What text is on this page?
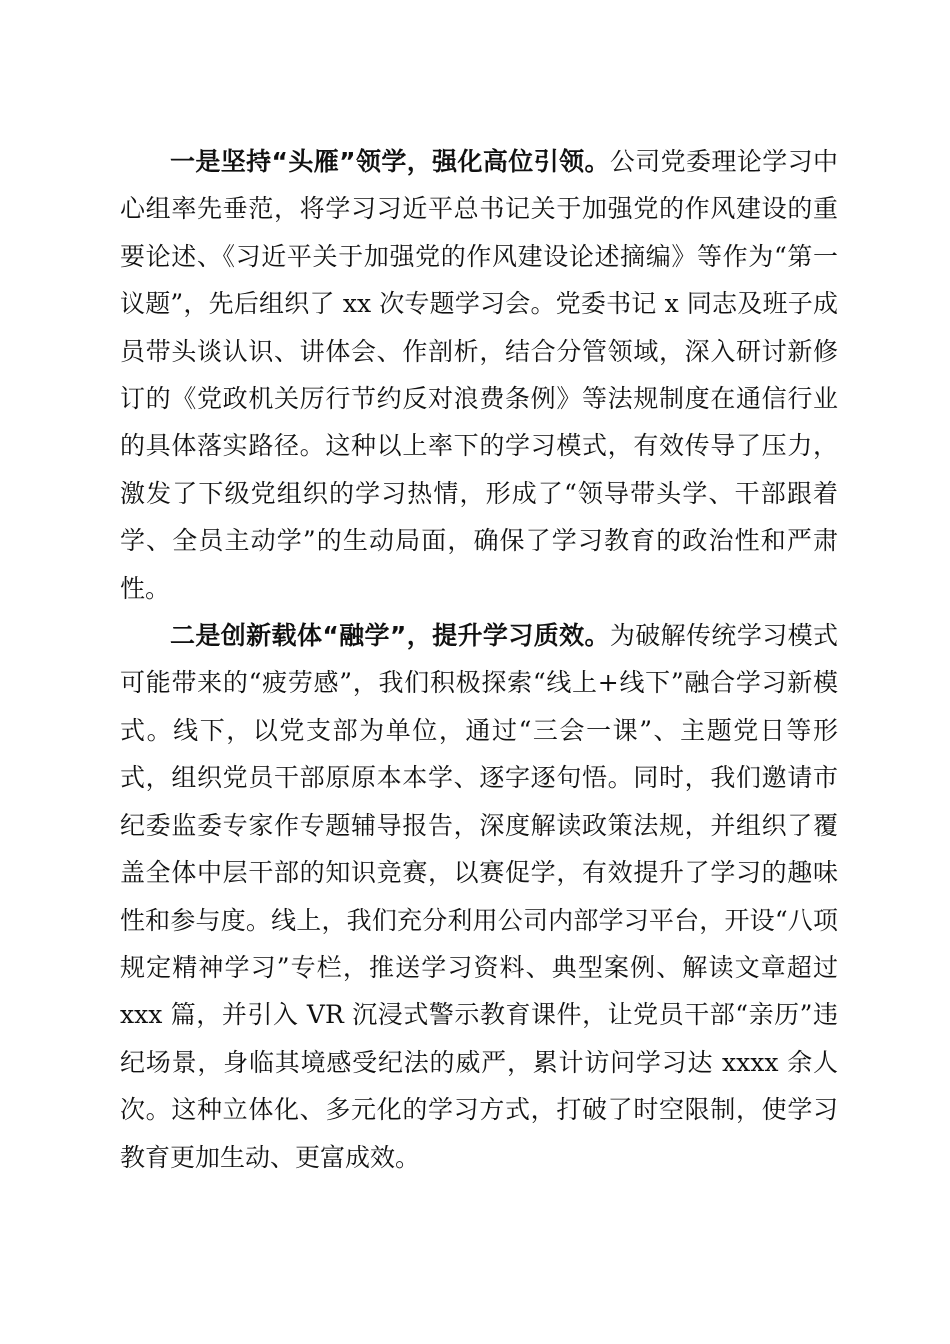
一是坚持“头雁”领学，强化高位引领。公司党委理论学习中心组率先垂范，将学习习近平总书记关于加强党的作风建设的重要论述、《习近平关于加强党的作风建设论述摘编》等作为“第一议题”，先后组织了 xx 次专题学习会。党委书记 x 同志及班子成员带头谈认识、讲体会、作剖析，结合分管领域，深入研讨新修订的《党政机关厉行节约反对浪费条例》等法规制度在通信行业的具体落实路径。这种以上率下的学习模式，有效传导了压力，激发了下级党组织的学习热情，形成了“领导带头学、干部跟着学、全员主动学”的生动局面，确保了学习教育的政治性和严肃性。

二是创新载体“融学”，提升学习质效。为破解传统学习模式可能带来的“疲劳感”，我们积极探索“线上+线下”融合学习新模式。线下，以党支部为单位，通过“三会一课”、主题党日等形式，组织党员干部原原本本学、逐字逐句悟。同时，我们邀请市纪委监委专家作专题辅导报告，深度解读政策法规，并组织了覆盖全体中层干部的知识竞赛，以赛促学，有效提升了学习的趣味性和参与度。线上，我们充分利用公司内部学习平台，开设“八项规定精神学习”专栏，推送学习资料、典型案例、解读文章超过 xxx 篇，并引入 VR 沉浸式警示教育课件，让党员干部“亲历”违纪场景，身临其境感受纪法的威严，累计访问学习达 xxxx 余人次。这种立体化、多元化的学习方式，打破了时空限制，使学习教育更加生动、更富成效。
